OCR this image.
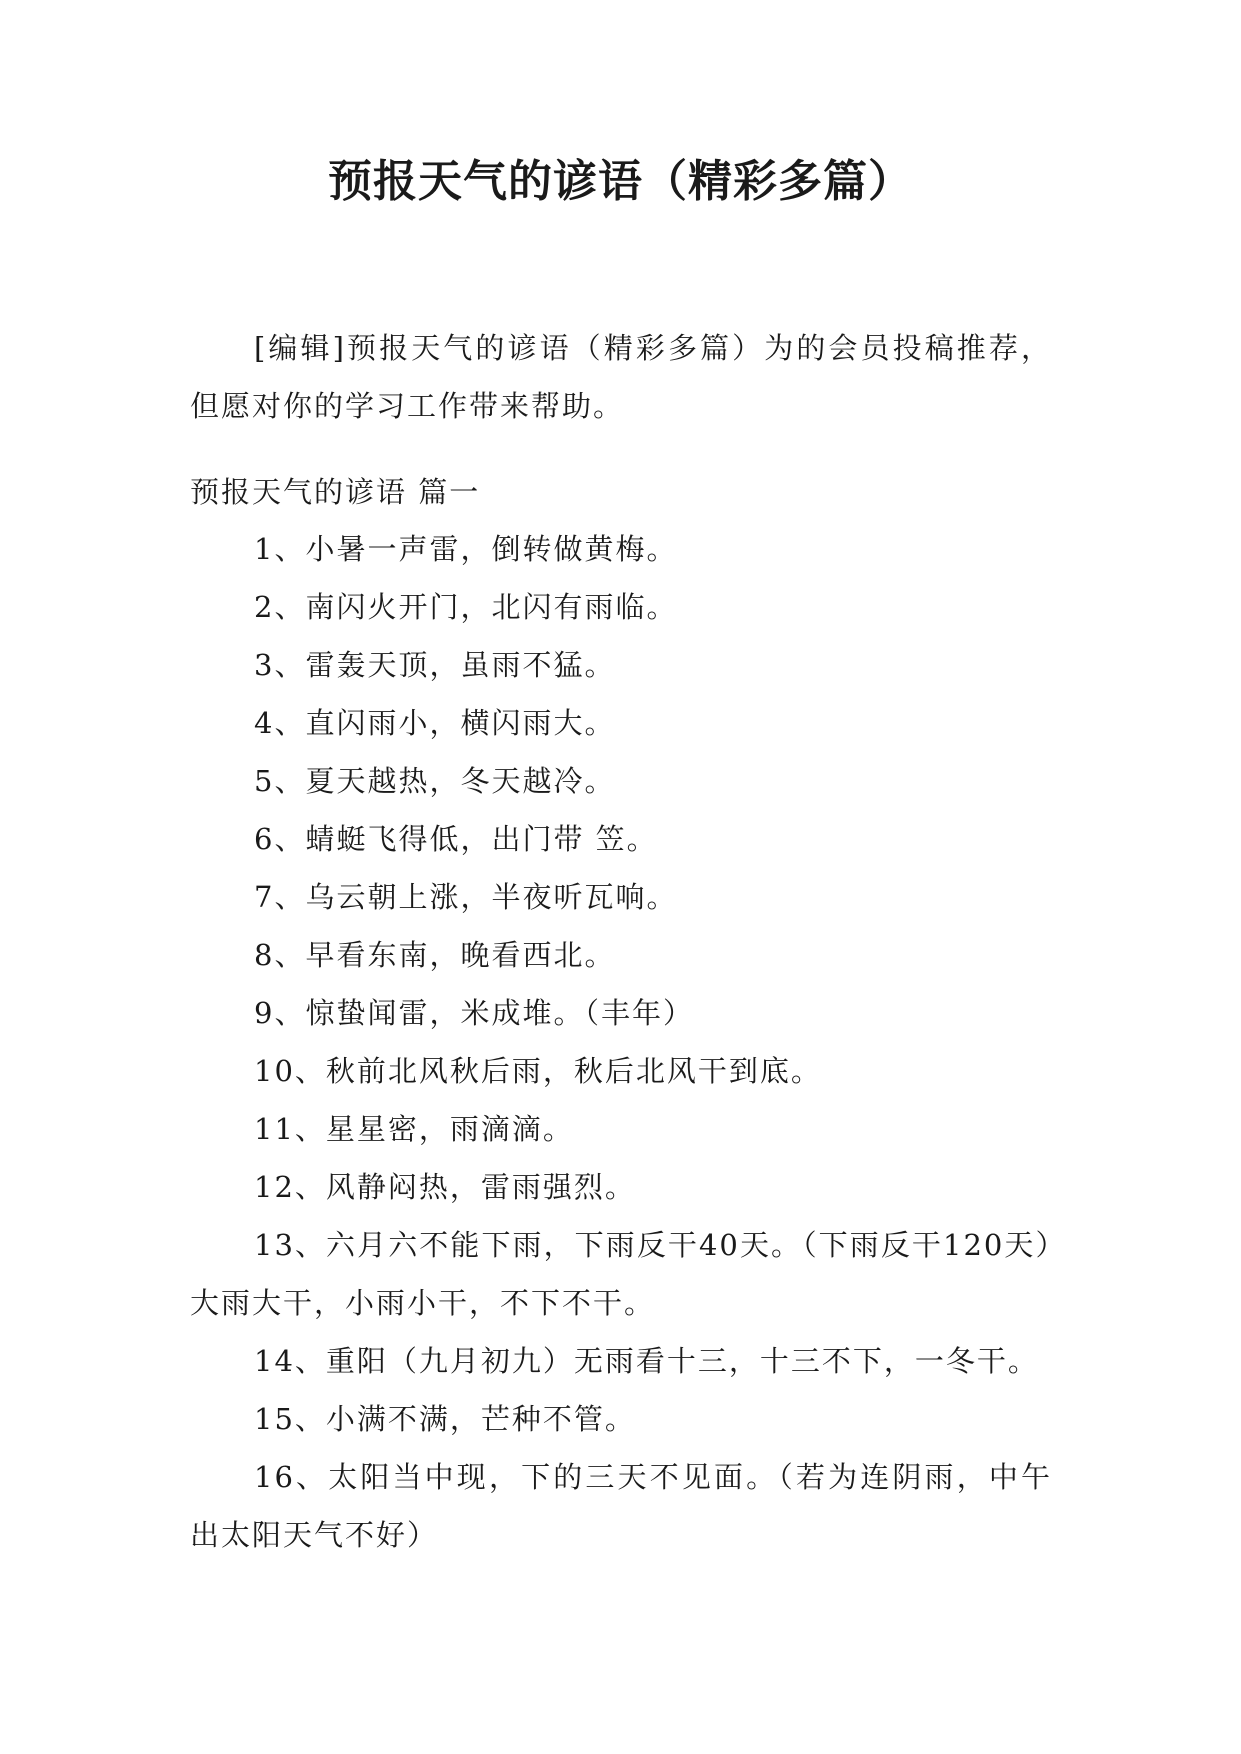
预报天气的谚语（精彩多篇）

[编辑]预报天气的谚语（精彩多篇）为的会员投稿推荐，但愿对你的学习工作带来帮助。

预报天气的谚语 篇一
1、小暑一声雷，倒转做黄梅。
2、南闪火开门，北闪有雨临。
3、雷轰天顶，虽雨不猛。
4、直闪雨小，横闪雨大。
5、夏天越热，冬天越冷。
6、蜻蜓飞得低，出门带 笠。
7、乌云朝上涨，半夜听瓦响。
8、早看东南，晚看西北。
9、惊蛰闻雷，米成堆。（丰年）
10、秋前北风秋后雨，秋后北风干到底。
11、星星密，雨滴滴。
12、风静闷热，雷雨强烈。
13、六月六不能下雨，下雨反干40天。（下雨反干120天）大雨大干，小雨小干，不下不干。
14、重阳（九月初九）无雨看十三，十三不下，一冬干。
15、小满不满，芒种不管。
16、太阳当中现，下的三天不见面。（若为连阴雨，中午出太阳天气不好）
